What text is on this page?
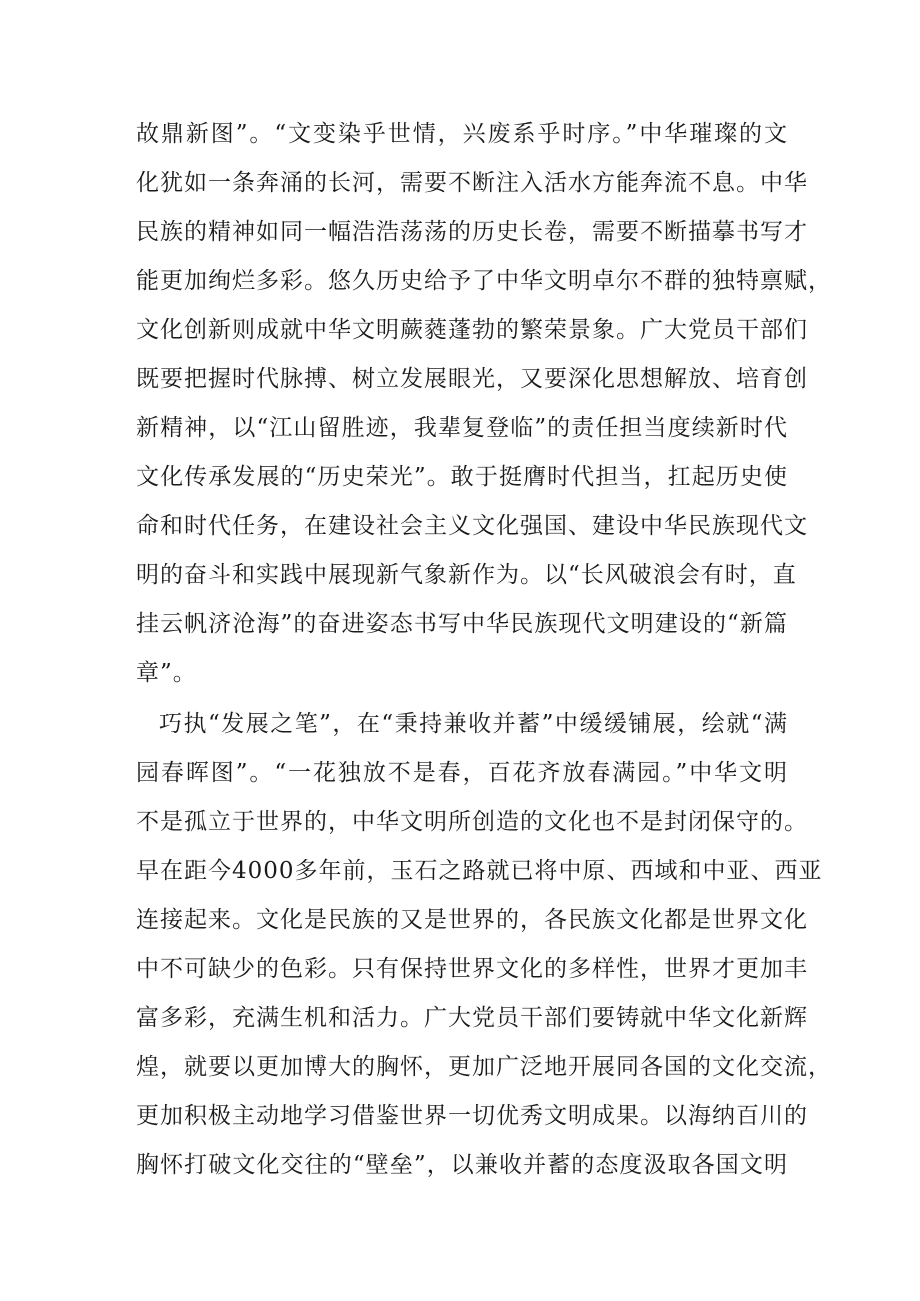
故鼎新图”。“文变染乎世情，兴废系乎时序。”中华璀璨的文
化犹如一条奔涌的长河，需要不断注入活水方能奔流不息。中华
民族的精神如同一幅浩浩荡荡的历史长卷，需要不断描摹书写才
能更加绚烂多彩。悠久历史给予了中华文明卓尔不群的独特禀赋，
文化创新则成就中华文明蕨蕤蓬勃的繁荣景象。广大党员干部们
既要把握时代脉搏、树立发展眼光，又要深化思想解放、培育创
新精神，以“江山留胜迹，我辈复登临”的责任担当度续新时代
文化传承发展的“历史荣光”。敢于挺膺时代担当，扛起历史使
命和时代任务，在建设社会主义文化强国、建设中华民族现代文
明的奋斗和实践中展现新气象新作为。以“长风破浪会有时，直
挂云帆济沧海”的奋进姿态书写中华民族现代文明建设的“新篇
章”。
巧执“发展之笔”，在“秉持兼收并蓄”中缓缓铺展，绘就“满
园春晖图”。“一花独放不是春，百花齐放春满园。”中华文明
不是孤立于世界的，中华文明所创造的文化也不是封闭保守的。
早在距今4000多年前，玉石之路就已将中原、西域和中亚、西亚
连接起来。文化是民族的又是世界的，各民族文化都是世界文化
中不可缺少的色彩。只有保持世界文化的多样性，世界才更加丰
富多彩，充满生机和活力。广大党员干部们要铸就中华文化新辉
煌，就要以更加博大的胸怀，更加广泛地开展同各国的文化交流，
更加积极主动地学习借鉴世界一切优秀文明成果。以海纳百川的
胸怀打破文化交往的“壁垒”，以兼收并蓄的态度汲取各国文明
